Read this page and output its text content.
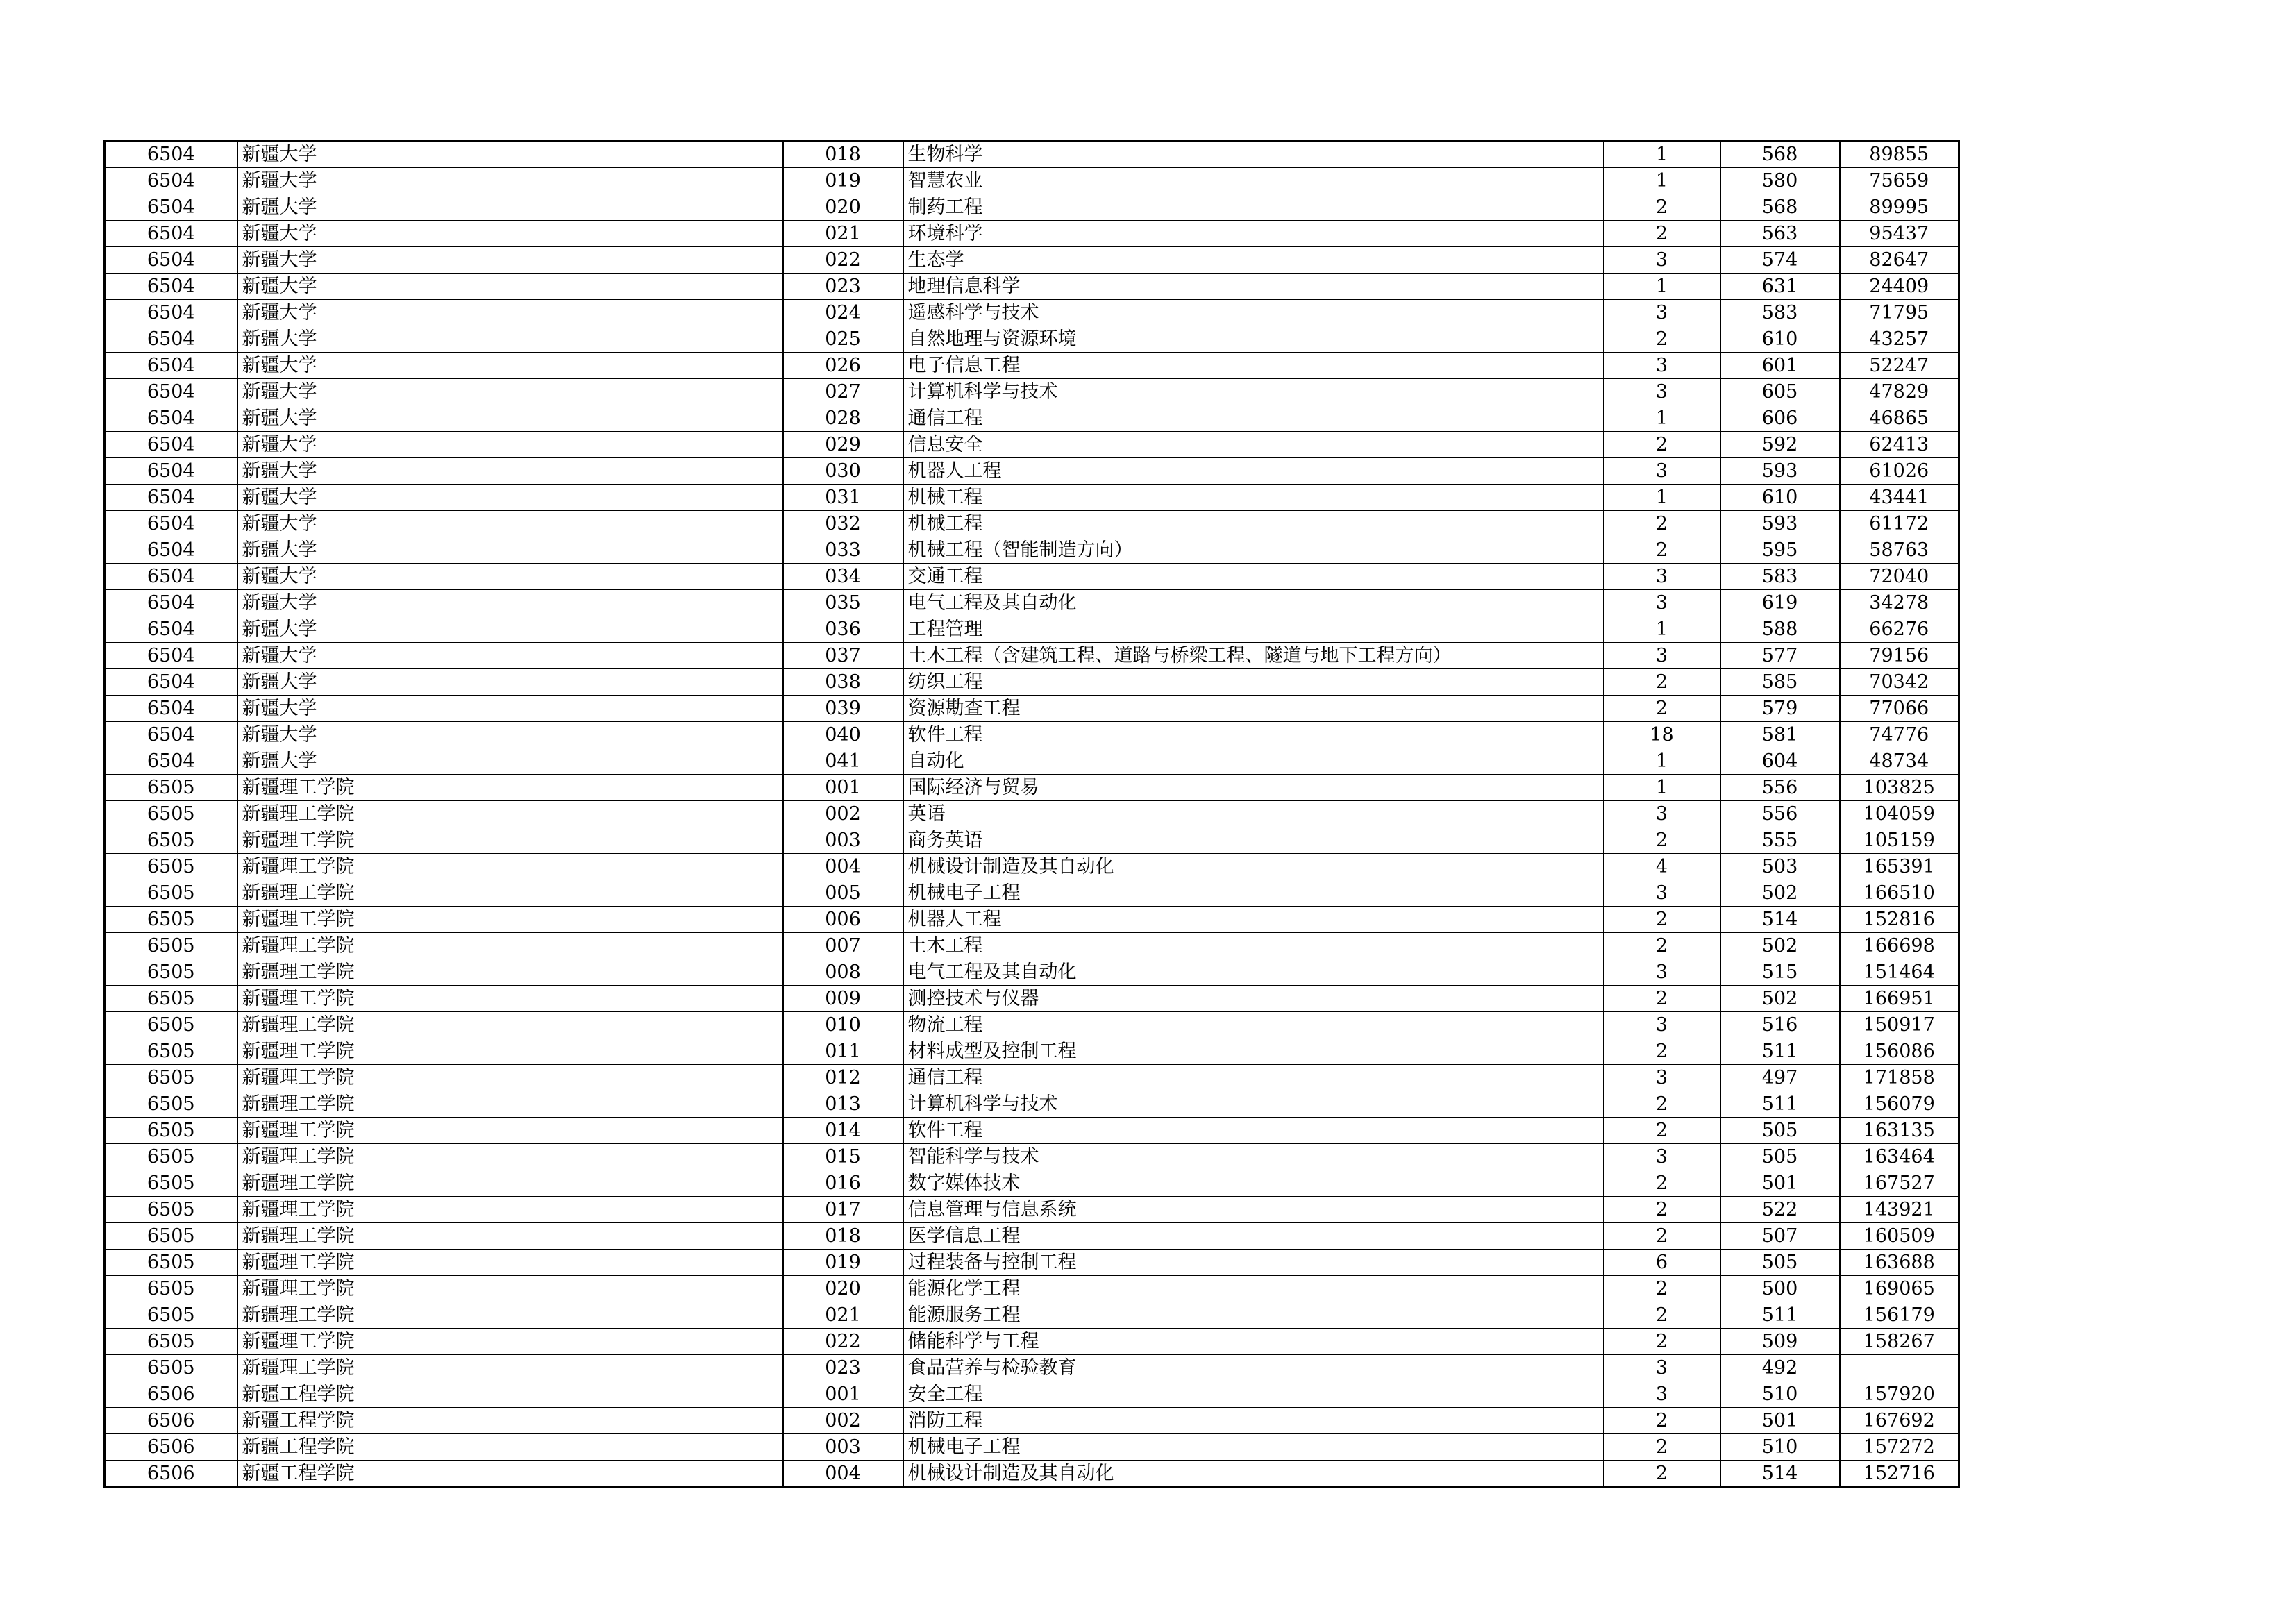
6504	新疆大学	018	生物科学	1	568	89855
6504	新疆大学	019	智慧农业	1	580	75659
6504	新疆大学	020	制药工程	2	568	89995
6504	新疆大学	021	环境科学	2	563	95437
6504	新疆大学	022	生态学	3	574	82647
6504	新疆大学	023	地理信息科学	1	631	24409
6504	新疆大学	024	遥感科学与技术	3	583	71795
6504	新疆大学	025	自然地理与资源环境	2	610	43257
6504	新疆大学	026	电子信息工程	3	601	52247
6504	新疆大学	027	计算机科学与技术	3	605	47829
6504	新疆大学	028	通信工程	1	606	46865
6504	新疆大学	029	信息安全	2	592	62413
6504	新疆大学	030	机器人工程	3	593	61026
6504	新疆大学	031	机械工程	1	610	43441
6504	新疆大学	032	机械工程	2	593	61172
6504	新疆大学	033	机械工程（智能制造方向）	2	595	58763
6504	新疆大学	034	交通工程	3	583	72040
6504	新疆大学	035	电气工程及其自动化	3	619	34278
6504	新疆大学	036	工程管理	1	588	66276
6504	新疆大学	037	土木工程（含建筑工程、道路与桥梁工程、隧道与地下工程方向）	3	577	79156
6504	新疆大学	038	纺织工程	2	585	70342
6504	新疆大学	039	资源勘查工程	2	579	77066
6504	新疆大学	040	软件工程	18	581	74776
6504	新疆大学	041	自动化	1	604	48734
6505	新疆理工学院	001	国际经济与贸易	1	556	103825
6505	新疆理工学院	002	英语	3	556	104059
6505	新疆理工学院	003	商务英语	2	555	105159
6505	新疆理工学院	004	机械设计制造及其自动化	4	503	165391
6505	新疆理工学院	005	机械电子工程	3	502	166510
6505	新疆理工学院	006	机器人工程	2	514	152816
6505	新疆理工学院	007	土木工程	2	502	166698
6505	新疆理工学院	008	电气工程及其自动化	3	515	151464
6505	新疆理工学院	009	测控技术与仪器	2	502	166951
6505	新疆理工学院	010	物流工程	3	516	150917
6505	新疆理工学院	011	材料成型及控制工程	2	511	156086
6505	新疆理工学院	012	通信工程	3	497	171858
6505	新疆理工学院	013	计算机科学与技术	2	511	156079
6505	新疆理工学院	014	软件工程	2	505	163135
6505	新疆理工学院	015	智能科学与技术	3	505	163464
6505	新疆理工学院	016	数字媒体技术	2	501	167527
6505	新疆理工学院	017	信息管理与信息系统	2	522	143921
6505	新疆理工学院	018	医学信息工程	2	507	160509
6505	新疆理工学院	019	过程装备与控制工程	6	505	163688
6505	新疆理工学院	020	能源化学工程	2	500	169065
6505	新疆理工学院	021	能源服务工程	2	511	156179
6505	新疆理工学院	022	储能科学与工程	2	509	158267
6505	新疆理工学院	023	食品营养与检验教育	3	492	
6506	新疆工程学院	001	安全工程	3	510	157920
6506	新疆工程学院	002	消防工程	2	501	167692
6506	新疆工程学院	003	机械电子工程	2	510	157272
6506	新疆工程学院	004	机械设计制造及其自动化	2	514	152716
